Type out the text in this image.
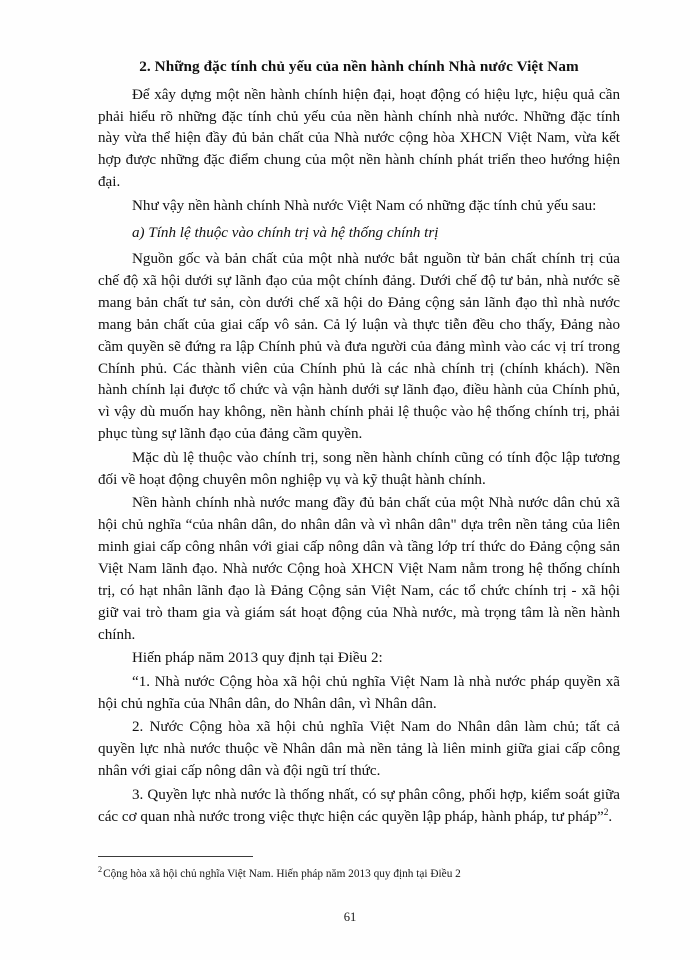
2. Những đặc tính chủ yếu của nền hành chính Nhà nước Việt Nam

Để xây dựng một nền hành chính hiện đại, hoạt động có hiệu lực, hiệu quả cần phải hiểu rõ những đặc tính chủ yếu của nền hành chính nhà nước. Những đặc tính này vừa thể hiện đầy đủ bản chất của Nhà nước cộng hòa XHCN Việt Nam, vừa kết hợp được những đặc điểm chung của một nền hành chính phát triển theo hướng hiện đại.

Như vậy nền hành chính Nhà nước Việt Nam có những đặc tính chủ yếu sau:

a) Tính lệ thuộc vào chính trị và hệ thống chính trị

Nguồn gốc và bản chất của một nhà nước bắt nguồn từ bản chất chính trị của chế độ xã hội dưới sự lãnh đạo của một chính đảng. Dưới chế độ tư bản, nhà nước sẽ mang bản chất tư sản, còn dưới chế xã hội do Đảng cộng sản lãnh đạo thì nhà nước mang bản chất của giai cấp vô sản. Cả lý luận và thực tiễn đều cho thấy, Đảng nào cầm quyền sẽ đứng ra lập Chính phủ và đưa người của đảng mình vào các vị trí trong Chính phủ. Các thành viên của Chính phủ là các nhà chính trị (chính khách). Nền hành chính lại được tổ chức và vận hành dưới sự lãnh đạo, điều hành của Chính phủ, vì vậy dù muốn hay không, nền hành chính phải lệ thuộc vào hệ thống chính trị, phải phục tùng sự lãnh đạo của đảng cầm quyền.

Mặc dù lệ thuộc vào chính trị, song nền hành chính cũng có tính độc lập tương đối về hoạt động chuyên môn nghiệp vụ và kỹ thuật hành chính.

Nền hành chính nhà nước mang đầy đủ bản chất của một Nhà nước dân chủ xã hội chủ nghĩa “của nhân dân, do nhân dân và vì nhân dân" dựa trên nền tảng của liên minh giai cấp công nhân với giai cấp nông dân và tầng lớp trí thức do Đảng cộng sản Việt Nam lãnh đạo. Nhà nước Cộng hoà XHCN Việt Nam nằm trong hệ thống chính trị, có hạt nhân lãnh đạo là Đảng Cộng sản Việt Nam, các tổ chức chính trị - xã hội giữ vai trò tham gia và giám sát hoạt động của Nhà nước, mà trọng tâm là nền hành chính.

Hiến pháp năm 2013 quy định tại Điều 2:

“1. Nhà nước Cộng hòa xã hội chủ nghĩa Việt Nam là nhà nước pháp quyền xã hội chủ nghĩa của Nhân dân, do Nhân dân, vì Nhân dân.

2. Nước Cộng hòa xã hội chủ nghĩa Việt Nam do Nhân dân làm chủ; tất cả quyền lực nhà nước thuộc về Nhân dân mà nền tảng là liên minh giữa giai cấp công nhân với giai cấp nông dân và đội ngũ trí thức.

3. Quyền lực nhà nước là thống nhất, có sự phân công, phối hợp, kiểm soát giữa các cơ quan nhà nước trong việc thực hiện các quyền lập pháp, hành pháp, tư pháp”$^2$.

$^2$Cộng hòa xã hội chủ nghĩa Việt Nam. Hiến pháp năm 2013 quy định tại Điều 2

61
